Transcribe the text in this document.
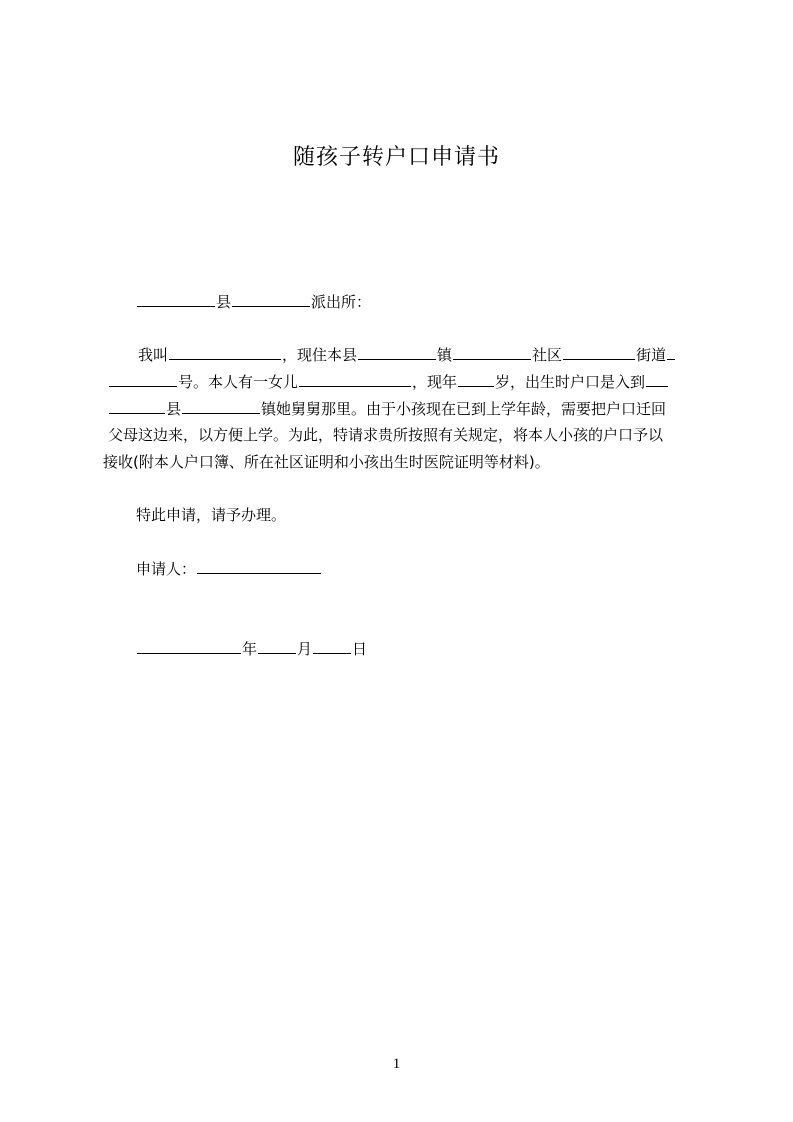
随孩子转户口申请书
县	派出所：
我叫	，现住本县	镇	社区	街道
号。本人有一女儿	，现年	岁，出生时户口是入到
县	镇她舅舅那里。由于小孩现在已到上学年龄，需要把户口迁回
父母这边来，以方便上学。为此，特请求贵所按照有关规定，将本人小孩的户口予以
接收(附本人户口簿、所在社区证明和小孩出生时医院证明等材料)。
特此申请，请予办理。
申请人：
年	月	日
1
